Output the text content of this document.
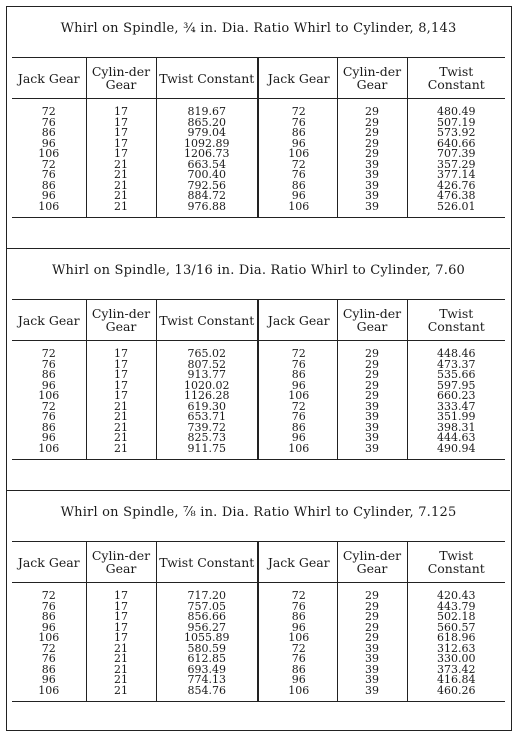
Whirl on Spindle, ¾ in. Dia. Ratio Whirl to Cylinder, 8,143
Jack Gear	Cylin-der Gear	Twist Constant		Jack Gear	Cylin-der Gear	Twist Constant
72	17	819.67		72	29	480.49
76	17	865.20		76	29	507.19
86	17	979.04		86	29	573.92
96	17	1092.89		96	29	640.66
106	17	1206.73		106	29	707.39
72	21	663.54		72	39	357.29
76	21	700.40		76	39	377.14
86	21	792.56		86	39	426.76
96	21	884.72		96	39	476.38
106	21	976.88		106	39	526.01
Whirl on Spindle, 13/16 in. Dia. Ratio Whirl to Cylinder, 7.60
Jack Gear	Cylin-der Gear	Twist Constant		Jack Gear	Cylin-der Gear	Twist Constant
72	17	765.02		72	29	448.46
76	17	807.52		76	29	473.37
86	17	913.77		86	29	535.66
96	17	1020.02		96	29	597.95
106	17	1126.28		106	29	660.23
72	21	619.30		72	39	333.47
76	21	653.71		76	39	351.99
86	21	739.72		86	39	398.31
96	21	825.73		96	39	444.63
106	21	911.75		106	39	490.94
Whirl on Spindle, ⅞ in. Dia. Ratio Whirl to Cylinder, 7.125
Jack Gear	Cylin-der Gear	Twist Constant		Jack Gear	Cylin-der Gear	Twist Constant
72	17	717.20		72	29	420.43
76	17	757.05		76	29	443.79
86	17	856.66		86	29	502.18
96	17	956.27		96	29	560.57
106	17	1055.89		106	29	618.96
72	21	580.59		72	39	312.63
76	21	612.85		76	39	330.00
86	21	693.49		86	39	373.42
96	21	774.13		96	39	416.84
106	21	854.76		106	39	460.26
